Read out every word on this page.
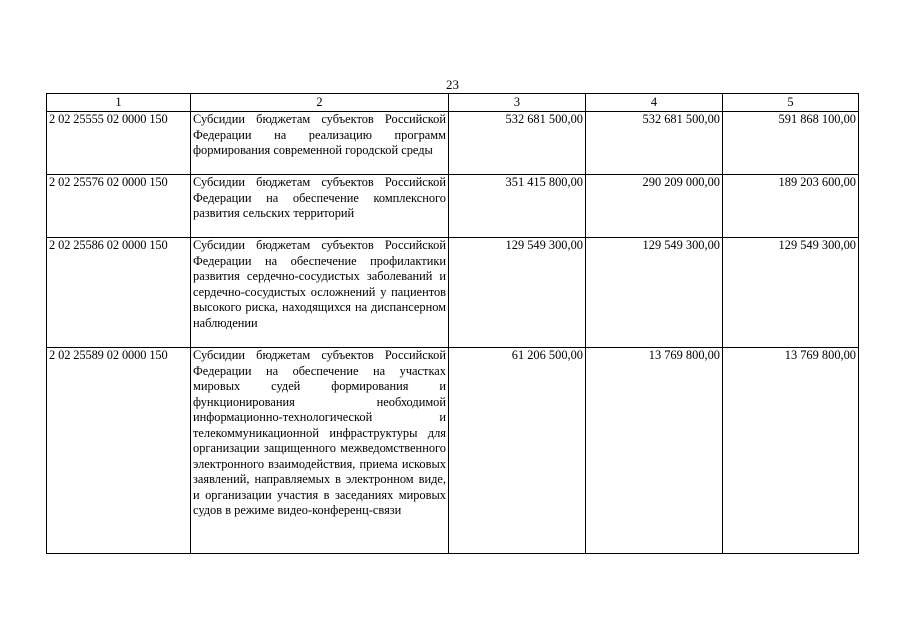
23
1	2	3	4	5
2 02 25555 02 0000 150	Субсидии бюджетам субъектов Российской Федерации на реализацию программ формирования современной городской среды	532 681 500,00	532 681 500,00	591 868 100,00
2 02 25576 02 0000 150	Субсидии бюджетам субъектов Российской Федерации на обеспечение комплексного развития сельских территорий	351 415 800,00	290 209 000,00	189 203 600,00
2 02 25586 02 0000 150	Субсидии бюджетам субъектов Российской Федерации на обеспечение профилактики развития сердечно-сосудистых заболеваний и сердечно-сосудистых осложнений у пациентов высокого риска, находящихся на диспансерном наблюдении	129 549 300,00	129 549 300,00	129 549 300,00
2 02 25589 02 0000 150	Субсидии бюджетам субъектов Российской Федерации на обеспечение на участках мировых судей формирования и функционирования необходимой информационно-технологической и телекоммуникационной инфраструктуры для организации защищенного межведомственного электронного взаимодействия, приема исковых заявлений, направляемых в электронном виде, и организации участия в заседаниях мировых судов в режиме видео-конференц-связи	61 206 500,00	13 769 800,00	13 769 800,00
